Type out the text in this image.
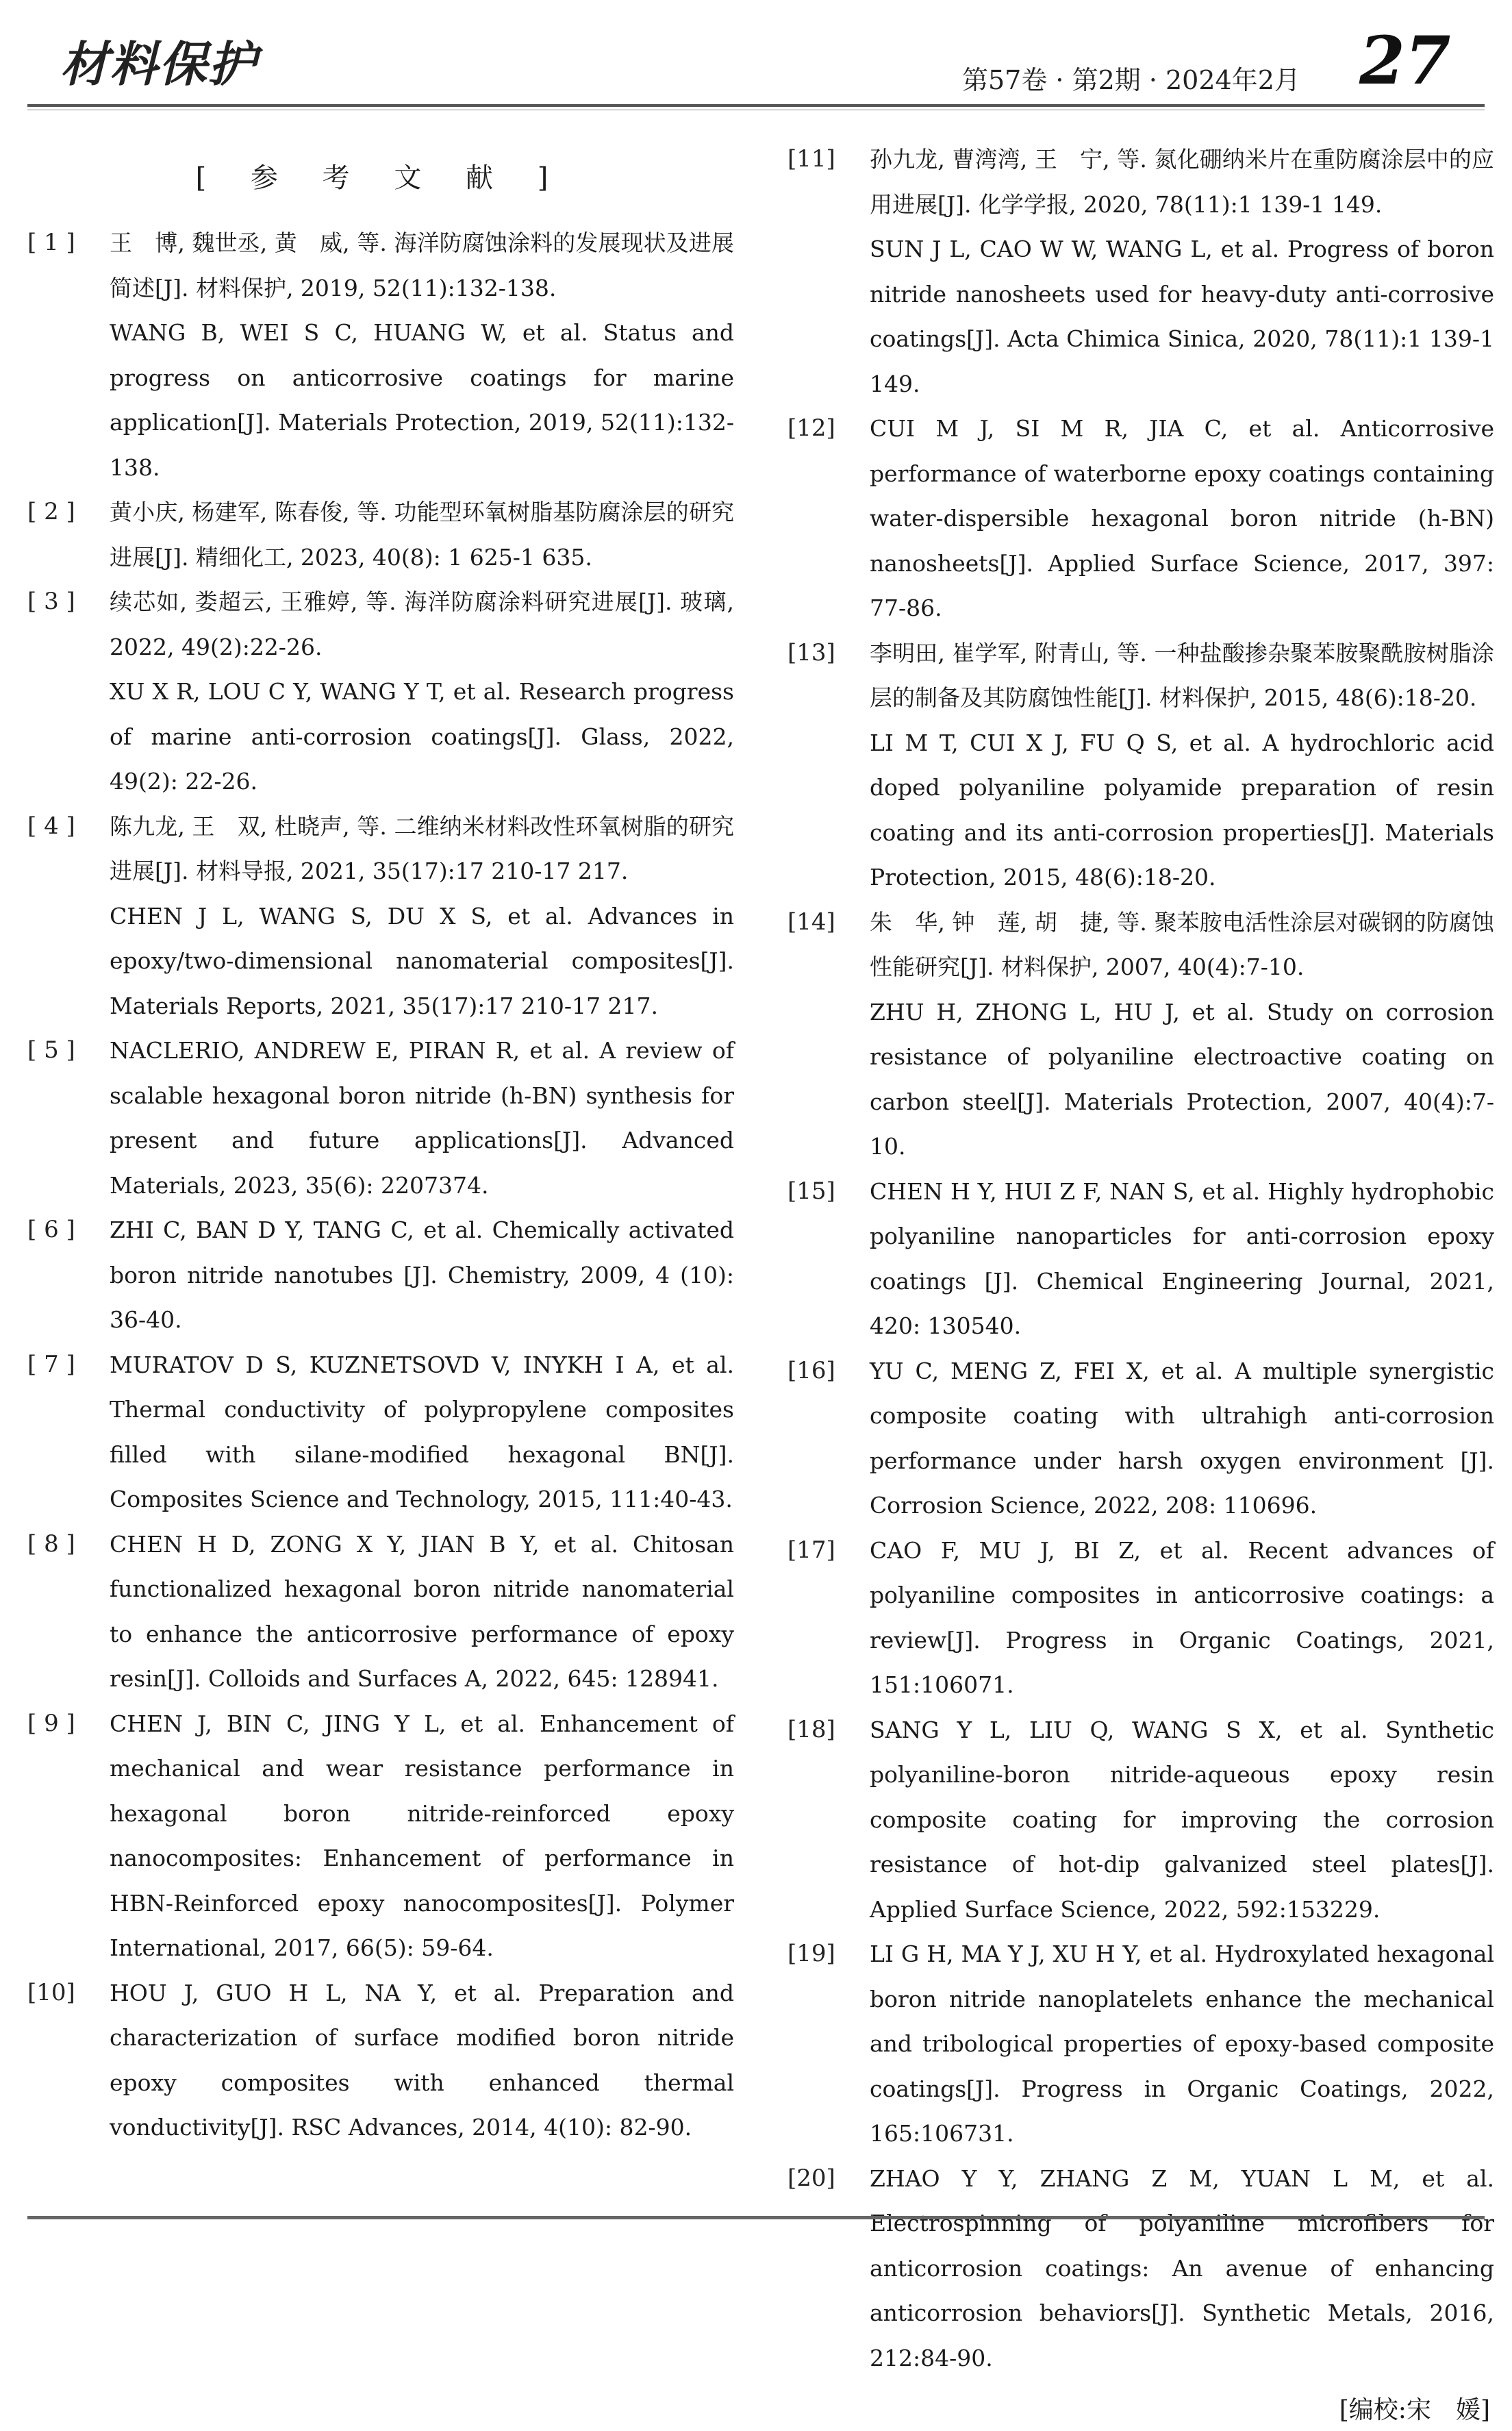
材料保护	第57卷 · 第2期 · 2024年2月 27
[ 参 考 文 献 ]
[ 1 ]	王　博, 魏世丞, 黄　威, 等. 海洋防腐蚀涂料的发展现状及进展简述[J]. 材料保护, 2019, 52(11):132-138.

WANG B, WEI S C, HUANG W, et al. Status and progress on anticorrosive coatings for marine application[J]. Materials Protection, 2019, 52(11):132-138.

[ 2 ]	黄小庆, 杨建军, 陈春俊, 等. 功能型环氧树脂基防腐涂层的研究进展[J]. 精细化工, 2023, 40(8): 1 625-1 635.

[ 3 ]	续芯如, 娄超云, 王雅婷, 等. 海洋防腐涂料研究进展[J]. 玻璃, 2022, 49(2):22-26.

XU X R, LOU C Y, WANG Y T, et al. Research progress of marine anti-corrosion coatings[J]. Glass, 2022, 49(2): 22-26.

[ 4 ]	陈九龙, 王　双, 杜晓声, 等. 二维纳米材料改性环氧树脂的研究进展[J]. 材料导报, 2021, 35(17):17 210-17 217.

CHEN J L, WANG S, DU X S, et al. Advances in epoxy/two-dimensional nanomaterial composites[J]. Materials Reports, 2021, 35(17):17 210-17 217.

[ 5 ]	NACLERIO, ANDREW E, PIRAN R, et al. A review of scalable hexagonal boron nitride (h-BN) synthesis for present and future applications[J]. Advanced Materials, 2023, 35(6): 2207374.

[ 6 ]	ZHI C, BAN D Y, TANG C, et al. Chemically activated boron nitride nanotubes [J]. Chemistry, 2009, 4 (10): 36-40.

[ 7 ]	MURATOV D S, KUZNETSOVD V, INYKH I A, et al. Thermal conductivity of polypropylene composites filled with silane-modified hexagonal BN[J]. Composites Science and Technology, 2015, 111:40-43.

[ 8 ]	CHEN H D, ZONG X Y, JIAN B Y, et al. Chitosan functionalized hexagonal boron nitride nanomaterial to enhance the anticorrosive performance of epoxy resin[J]. Colloids and Surfaces A, 2022, 645: 128941.

[ 9 ]	CHEN J, BIN C, JING Y L, et al. Enhancement of mechanical and wear resistance performance in hexagonal boron nitride-reinforced epoxy nanocomposites: Enhancement of performance in HBN-Reinforced epoxy nanocomposites[J]. Polymer International, 2017, 66(5): 59-64.

[10]	HOU J, GUO H L, NA Y, et al. Preparation and characterization of surface modified boron nitride epoxy composites with enhanced thermal vonductivity[J]. RSC Advances, 2014, 4(10): 82-90.

[11]	孙九龙, 曹湾湾, 王　宁, 等. 氮化硼纳米片在重防腐涂层中的应用进展[J]. 化学学报, 2020, 78(11):1 139-1 149.

SUN J L, CAO W W, WANG L, et al. Progress of boron nitride nanosheets used for heavy-duty anti-corrosive coatings[J]. Acta Chimica Sinica, 2020, 78(11):1 139-1 149.

[12]	CUI M J, SI M R, JIA C, et al. Anticorrosive performance of waterborne epoxy coatings containing water-dispersible hexagonal boron nitride (h-BN) nanosheets[J]. Applied Surface Science, 2017, 397: 77-86.

[13]	李明田, 崔学军, 附青山, 等. 一种盐酸掺杂聚苯胺聚酰胺树脂涂层的制备及其防腐蚀性能[J]. 材料保护, 2015, 48(6):18-20.

LI M T, CUI X J, FU Q S, et al. A hydrochloric acid doped polyaniline polyamide preparation of resin coating and its anti-corrosion properties[J]. Materials Protection, 2015, 48(6):18-20.

[14]	朱　华, 钟　莲, 胡　捷, 等. 聚苯胺电活性涂层对碳钢的防腐蚀性能研究[J]. 材料保护, 2007, 40(4):7-10.

ZHU H, ZHONG L, HU J, et al. Study on corrosion resistance of polyaniline electroactive coating on carbon steel[J]. Materials Protection, 2007, 40(4):7-10.

[15]	CHEN H Y, HUI Z F, NAN S, et al. Highly hydrophobic polyaniline nanoparticles for anti-corrosion epoxy coatings [J]. Chemical Engineering Journal, 2021, 420: 130540.

[16]	YU C, MENG Z, FEI X, et al. A multiple synergistic composite coating with ultrahigh anti-corrosion performance under harsh oxygen environment [J]. Corrosion Science, 2022, 208: 110696.

[17]	CAO F, MU J, BI Z, et al. Recent advances of polyaniline composites in anticorrosive coatings: a review[J]. Progress in Organic Coatings, 2021, 151:106071.

[18]	SANG Y L, LIU Q, WANG S X, et al. Synthetic polyaniline-boron nitride-aqueous epoxy resin composite coating for improving the corrosion resistance of hot-dip galvanized steel plates[J]. Applied Surface Science, 2022, 592:153229.

[19]	LI G H, MA Y J, XU H Y, et al. Hydroxylated hexagonal boron nitride nanoplatelets enhance the mechanical and tribological properties of epoxy-based composite coatings[J]. Progress in Organic Coatings, 2022, 165:106731.

[20]	ZHAO Y Y, ZHANG Z M, YUAN L M, et al. Electrospinning of polyaniline microfibers for anticorrosion coatings: An avenue of enhancing anticorrosion behaviors[J]. Synthetic Metals, 2016, 212:84-90.

[编校:宋　媛]
